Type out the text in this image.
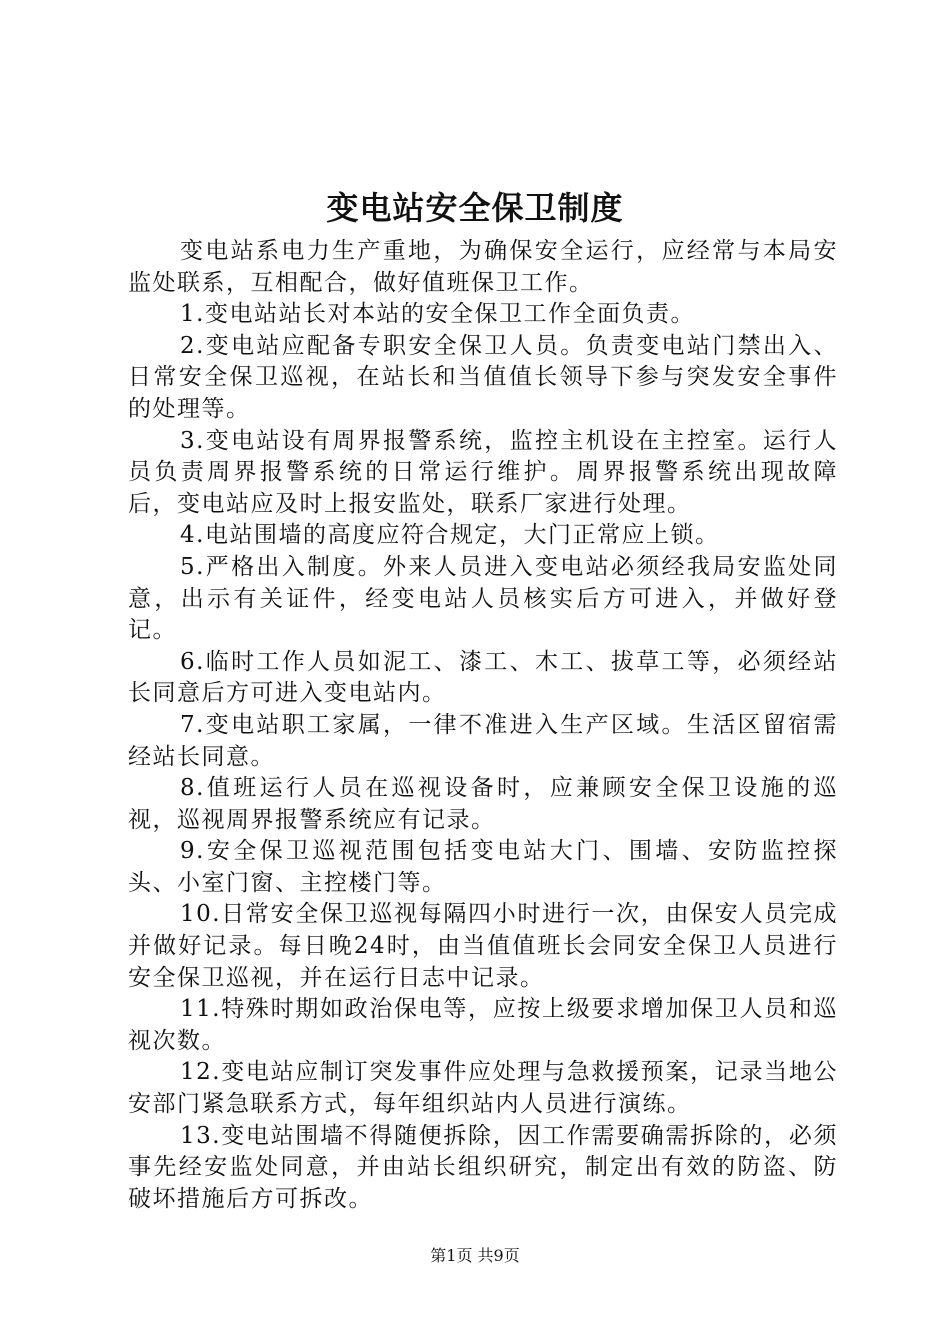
变电站安全保卫制度

变电站系电力生产重地，为确保安全运行，应经常与本局安监处联系，互相配合，做好值班保卫工作。

1.变电站站长对本站的安全保卫工作全面负责。

2.变电站应配备专职安全保卫人员。负责变电站门禁出入、日常安全保卫巡视，在站长和当值值长领导下参与突发安全事件的处理等。

3.变电站设有周界报警系统，监控主机设在主控室。运行人员负责周界报警系统的日常运行维护。周界报警系统出现故障后，变电站应及时上报安监处，联系厂家进行处理。

4.电站围墙的高度应符合规定，大门正常应上锁。

5.严格出入制度。外来人员进入变电站必须经我局安监处同意，出示有关证件，经变电站人员核实后方可进入，并做好登记。

6.临时工作人员如泥工、漆工、木工、拔草工等，必须经站长同意后方可进入变电站内。

7.变电站职工家属，一律不准进入生产区域。生活区留宿需经站长同意。

8.值班运行人员在巡视设备时，应兼顾安全保卫设施的巡视，巡视周界报警系统应有记录。

9.安全保卫巡视范围包括变电站大门、围墙、安防监控探头、小室门窗、主控楼门等。

10.日常安全保卫巡视每隔四小时进行一次，由保安人员完成并做好记录。每日晚24时，由当值值班长会同安全保卫人员进行安全保卫巡视，并在运行日志中记录。

11.特殊时期如政治保电等，应按上级要求增加保卫人员和巡视次数。

12.变电站应制订突发事件应处理与急救援预案，记录当地公安部门紧急联系方式，每年组织站内人员进行演练。

13.变电站围墙不得随便拆除，因工作需要确需拆除的，必须事先经安监处同意，并由站长组织研究，制定出有效的防盗、防破坏措施后方可拆改。

第1页 共9页
